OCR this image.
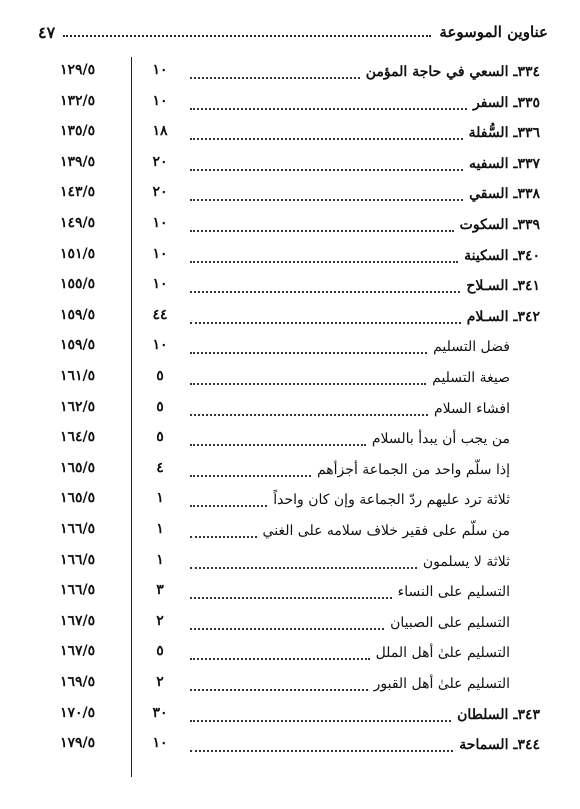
عناوين الموسوعة
٤٧
١٢٩/٥	١٠	٣٣٤ـ السعي في حاجة المؤمن
١٣٢/٥	١٠	٣٣٥ـ السفر
١٣٥/٥	١٨	٣٣٦ـ السُّفلة
١٣٩/٥	٢٠	٣٣٧ـ السفيه
١٤٣/٥	٢٠	٣٣٨ـ السقي
١٤٩/٥	١٠	٣٣٩ـ السكوت
١٥١/٥	١٠	٣٤٠ـ السكينة
١٥٥/٥	١٠	٣٤١ـ السـلاح
١٥٩/٥	٤٤	٣٤٢ـ السـلام
١٥٩/٥	١٠	فضل التسليم
١٦١/٥	٥	صيغة التسليم
١٦٢/٥	٥	افشاء السلام
١٦٤/٥	٥	من يجب أن يبدأ بالسلام
١٦٥/٥	٤	إذا سلّم واحد من الجماعة أجزأهم
١٦٥/٥	١	ثلاثة ترد عليهم ردّ الجماعة وإن كان واحداً
١٦٦/٥	١	من سلّم على فقير خلاف سلامه على الغني
١٦٦/٥	١	ثلاثة لا يسلمون
١٦٦/٥	٣	التسليم على النساء
١٦٧/٥	٢	التسليم على الصبيان
١٦٧/٥	٥	التسليم علىٰ أهل الملل
١٦٩/٥	٢	التسليم علىٰ أهل القبور
١٧٠/٥	٣٠	٣٤٣ـ السلطان
١٧٩/٥	١٠	٣٤٤ـ السماحة
